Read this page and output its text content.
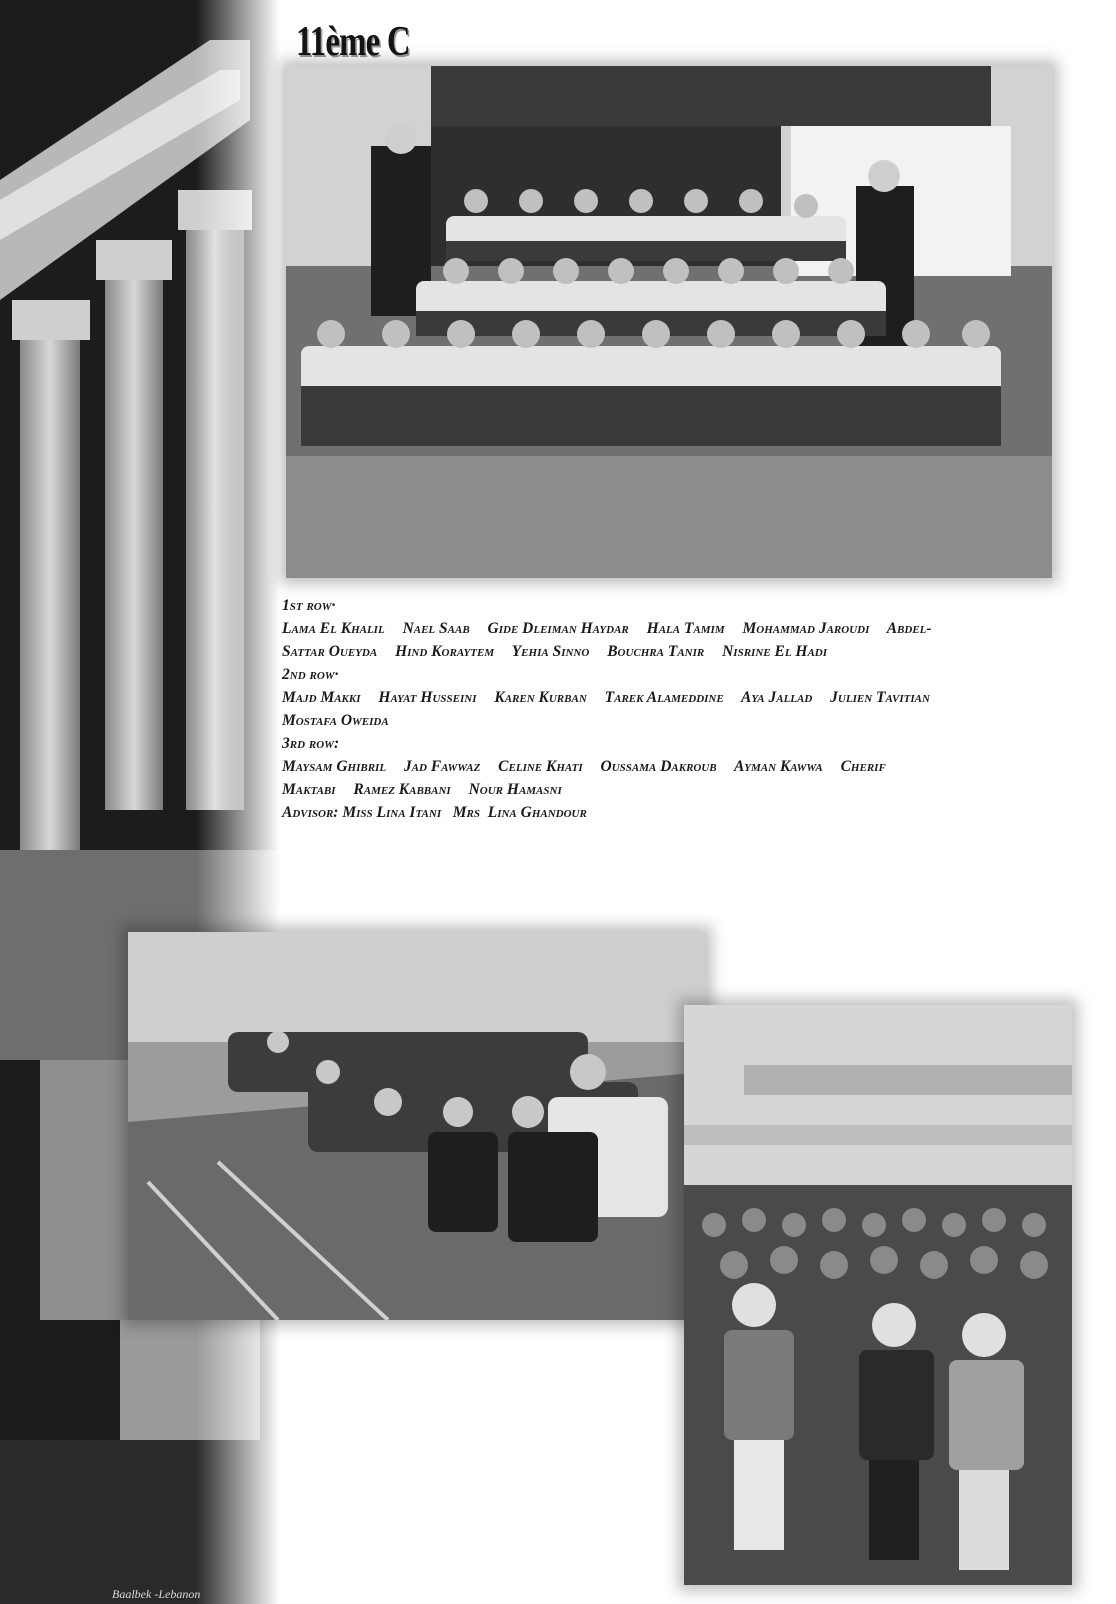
Baalbek -Lebanon
11ème C
1st row·
Lama El Khalil Nael Saab Gide Dleiman Haydar Hala Tamim Mohammad Jaroudi Abdel-
Sattar Oueyda Hind Koraytem Yehia Sinno Bouchra Tanir Nisrine El Hadi
2nd row·
Majd Makki Hayat Husseini Karen Kurban Tarek Alameddine Aya Jallad Julien Tavitian
Mostafa Oweida
3rd row:
Maysam Ghibril Jad Fawwaz Celine Khati Oussama Dakroub Ayman Kawwa Cherif
Maktabi Ramez Kabbani Nour Hamasni
Advisor: Miss Lina Itani   Mrs  Lina Ghandour
